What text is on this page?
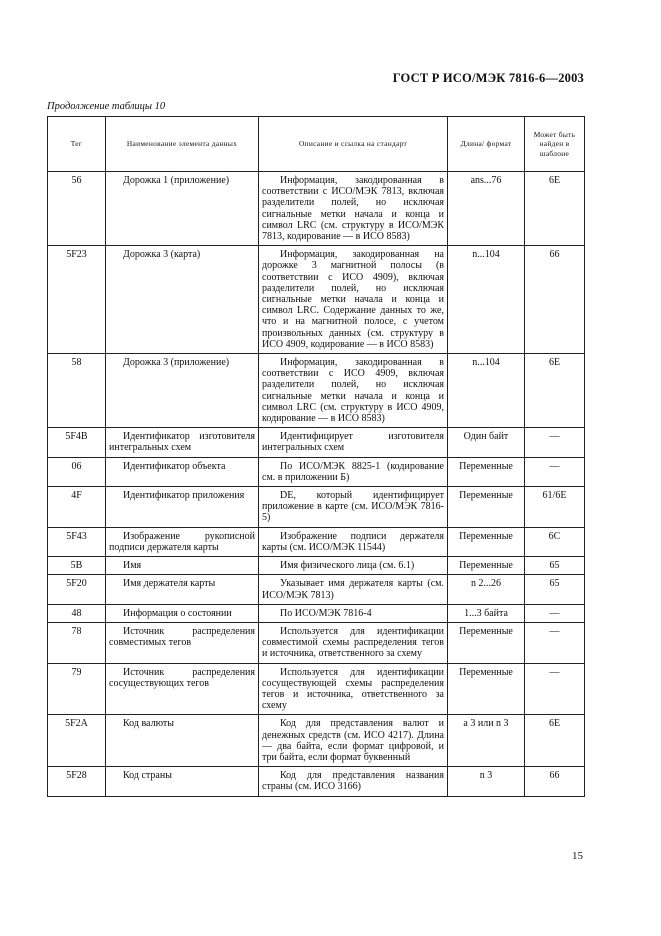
ГОСТ Р ИСО/МЭК 7816-6—2003
Продолжение таблицы 10
Тег	Наименование элемента данных	Описание и ссылка на стандарт	Длина/ формат	Может быть найден в шаблоне
56	Дорожка 1 (приложение)	Информация, закодированная в соответствии с ИСО/МЭК 7813, включая разделители полей, но исключая сигнальные метки начала и конца и символ LRC (см. структуру в ИСО/МЭК 7813, кодирование — в ИСО 8583)	ans...76	6E
5F23	Дорожка 3 (карта)	Информация, закодированная на дорожке 3 магнитной полосы (в соответствии с ИСО 4909), включая разделители полей, но исключая сигнальные метки начала и конца и символ LRC. Содержание данных то же, что и на магнитной полосе, с учетом произвольных данных (см. структуру в ИСО 4909, кодирование — в ИСО 8583)	n...104	66
58	Дорожка 3 (приложение)	Информация, закодированная в соответствии с ИСО 4909, включая разделители полей, но исключая сигнальные метки начала и конца и символ LRC (см. структуру в ИСО 4909, кодирование — в ИСО 8583)	n...104	6E
5F4B	Идентификатор изготовителя интегральных схем	Идентифицирует изготовителя интегральных схем	Один байт	—
06	Идентификатор объекта	По ИСО/МЭК 8825-1 (кодирование см. в приложении Б)	Переменные	—
4F	Идентификатор приложения	DE, который идентифицирует приложение в карте (см. ИСО/МЭК 7816-5)	Переменные	61/6E
5F43	Изображение рукописной подписи держателя карты	Изображение подписи держателя карты (см. ИСО/МЭК 11544)	Переменные	6C
5B	Имя	Имя физического лица (см. 6.1)	Переменные	65
5F20	Имя держателя карты	Указывает имя держателя карты (см. ИСО/МЭК 7813)	n 2...26	65
48	Информация о состоянии	По ИСО/МЭК 7816-4	1...3 байта	—
78	Источник распределения совместимых тегов	Используется для идентификации совместимой схемы распределения тегов и источника, ответственного за схему	Переменные	—
79	Источник распределения сосуществующих тегов	Используется для идентификации сосуществующей схемы распределения тегов и источника, ответственного за схему	Переменные	—
5F2A	Код валюты	Код для представления валют и денежных средств (см. ИСО 4217). Длина — два байта, если формат цифровой, и три байта, если формат буквенный	a 3 или n 3	6E
5F28	Код страны	Код для представления названия страны (см. ИСО 3166)	n 3	66
15
